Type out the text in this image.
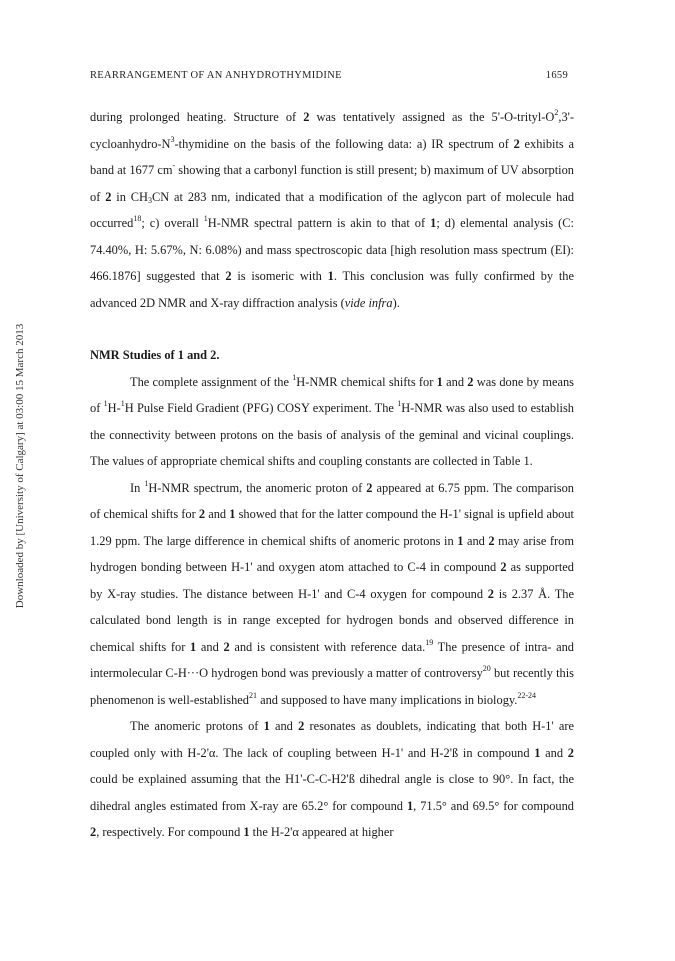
REARRANGEMENT OF AN ANHYDROTHYMIDINE	1659
Downloaded by [University of Calgary] at 03:00 15 March 2013

during prolonged heating. Structure of 2 was tentatively assigned as the $5'-O-trityl-O^2,3'-cycloanhydro-N^3$-thymidine on the basis of the following data: a) IR spectrum of 2 exhibits a band at 1677 cm- showing that a carbonyl function is still present; b) maximum of UV absorption of 2 in $CH_3CN$ at 283 nm, indicated that a modification of the aglycon part of molecule had occurred$^{18}$; c) overall $^1$H-NMR spectral pattern is akin to that of 1; d) elemental analysis (C: 74.40%, H: 5.67%, N: 6.08%) and mass spectroscopic data [high resolution mass spectrum (EI): 466.1876] suggested that 2 is isomeric with 1. This conclusion was fully confirmed by the advanced 2D NMR and X-ray diffraction analysis (vide infra).

NMR Studies of 1 and 2.

The complete assignment of the $^1$H-NMR chemical shifts for 1 and 2 was done by means of $^1$H-$^1$H Pulse Field Gradient (PFG) COSY experiment. The $^1$H-NMR was also used to establish the connectivity between protons on the basis of analysis of the geminal and vicinal couplings. The values of appropriate chemical shifts and coupling constants are collected in Table 1.

In $^1$H-NMR spectrum, the anomeric proton of 2 appeared at 6.75 ppm. The comparison of chemical shifts for 2 and 1 showed that for the latter compound the H-1' signal is upfield about 1.29 ppm. The large difference in chemical shifts of anomeric protons in 1 and 2 may arise from hydrogen bonding between H-1' and oxygen atom attached to C-4 in compound 2 as supported by X-ray studies. The distance between H-1' and C-4 oxygen for compound 2 is 2.37 Å. The calculated bond length is in range excepted for hydrogen bonds and observed difference in chemical shifts for 1 and 2 and is consistent with reference data.$^{19}$ The presence of intra- and intermolecular C-H···O hydrogen bond was previously a matter of controversy$^{20}$ but recently this phenomenon is well-established$^{21}$ and supposed to have many implications in biology.$^{22-24}$

The anomeric protons of 1 and 2 resonates as doublets, indicating that both H-1' are coupled only with H-2'α. The lack of coupling between H-1' and H-2'ß in compound 1 and 2 could be explained assuming that the H1'-C-C-H2'ß dihedral angle is close to 90°. In fact, the dihedral angles estimated from X-ray are 65.2° for compound 1, 71.5° and 69.5° for compound 2, respectively. For compound 1 the H-2'α appeared at higher
